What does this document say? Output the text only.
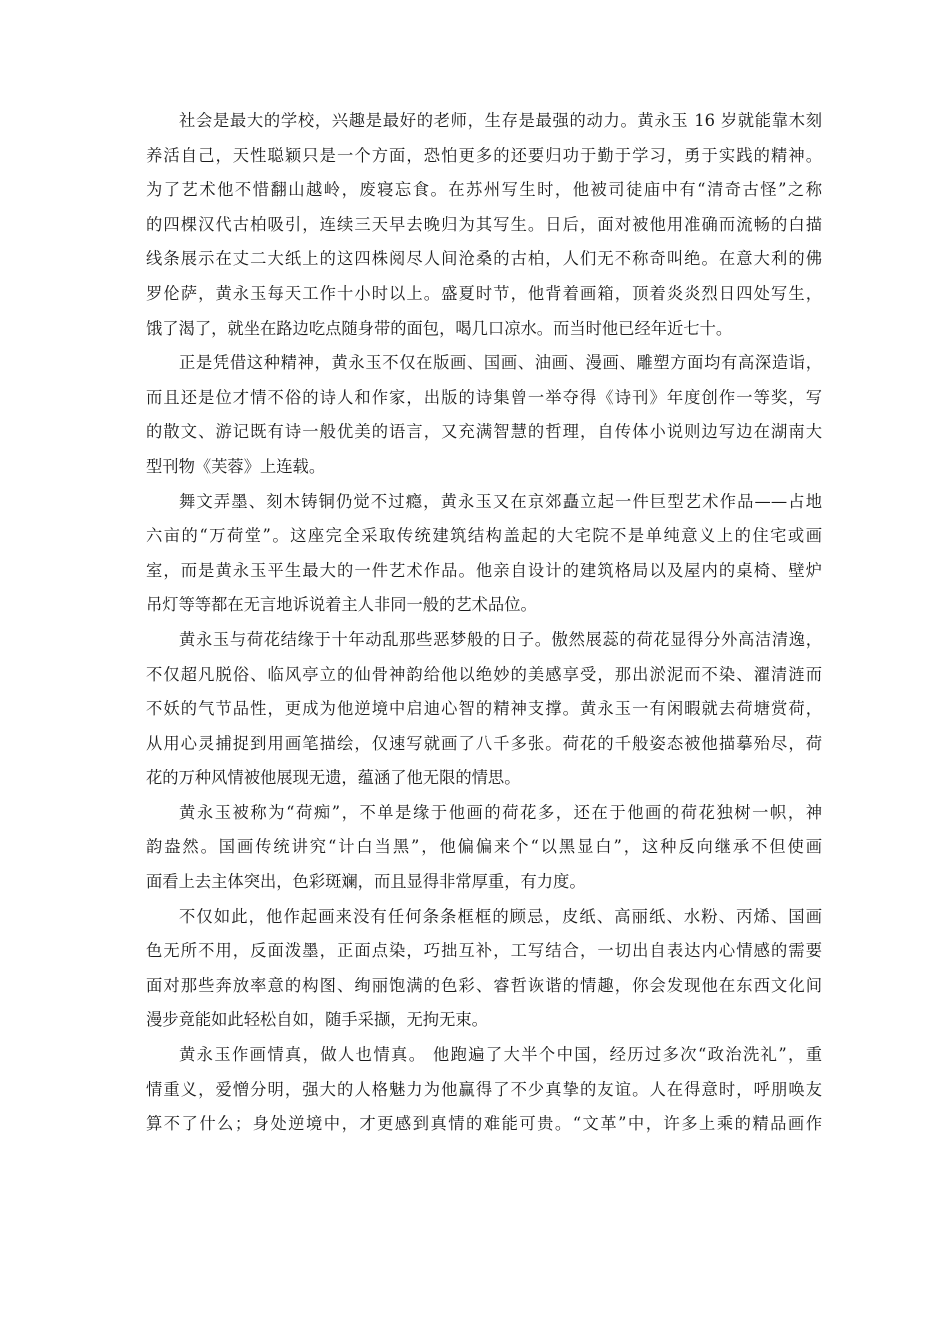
社会是最大的学校，兴趣是最好的老师，生存是最强的动力。黄永玉 16 岁就能靠木刻
养活自己，天性聪颖只是一个方面，恐怕更多的还要归功于勤于学习，勇于实践的精神。
为了艺术他不惜翻山越岭，废寝忘食。在苏州写生时，他被司徒庙中有“清奇古怪”之称
的四棵汉代古柏吸引，连续三天早去晚归为其写生。日后，面对被他用准确而流畅的白描
线条展示在丈二大纸上的这四株阅尽人间沧桑的古柏，人们无不称奇叫绝。在意大利的佛
罗伦萨，黄永玉每天工作十小时以上。盛夏时节，他背着画箱，顶着炎炎烈日四处写生，
饿了渴了，就坐在路边吃点随身带的面包，喝几口凉水。而当时他已经年近七十。
正是凭借这种精神，黄永玉不仅在版画、国画、油画、漫画、雕塑方面均有高深造诣，
而且还是位才情不俗的诗人和作家，出版的诗集曾一举夺得《诗刊》年度创作一等奖，写
的散文、游记既有诗一般优美的语言，又充满智慧的哲理，自传体小说则边写边在湖南大
型刊物《芙蓉》上连载。
舞文弄墨、刻木铸铜仍觉不过瘾，黄永玉又在京郊矗立起一件巨型艺术作品——占地
六亩的“万荷堂”。这座完全采取传统建筑结构盖起的大宅院不是单纯意义上的住宅或画
室，而是黄永玉平生最大的一件艺术作品。他亲自设计的建筑格局以及屋内的桌椅、壁炉
吊灯等等都在无言地诉说着主人非同一般的艺术品位。
黄永玉与荷花结缘于十年动乱那些恶梦般的日子。傲然展蕊的荷花显得分外高洁清逸，
不仅超凡脱俗、临风亭立的仙骨神韵给他以绝妙的美感享受，那出淤泥而不染、濯清涟而
不妖的气节品性，更成为他逆境中启迪心智的精神支撑。黄永玉一有闲暇就去荷塘赏荷，
从用心灵捕捉到用画笔描绘，仅速写就画了八千多张。荷花的千般姿态被他描摹殆尽，荷
花的万种风情被他展现无遗，蕴涵了他无限的情思。
黄永玉被称为“荷痴”，不单是缘于他画的荷花多，还在于他画的荷花独树一帜，神
韵盎然。国画传统讲究“计白当黑”，他偏偏来个“以黑显白”，这种反向继承不但使画
面看上去主体突出，色彩斑斓，而且显得非常厚重，有力度。
不仅如此，他作起画来没有任何条条框框的顾忌，皮纸、高丽纸、水粉、丙烯、国画
色无所不用，反面泼墨，正面点染，巧拙互补，工写结合，一切出自表达内心情感的需要
面对那些奔放率意的构图、绚丽饱满的色彩、睿哲诙谐的情趣，你会发现他在东西文化间
漫步竟能如此轻松自如，随手采撷，无拘无束。
黄永玉作画情真，做人也情真。 他跑遍了大半个中国，经历过多次“政治洗礼”，重
情重义，爱憎分明，强大的人格魅力为他赢得了不少真挚的友谊。人在得意时，呼朋唤友
算不了什么；身处逆境中，才更感到真情的难能可贵。“文革”中，许多上乘的精品画作
